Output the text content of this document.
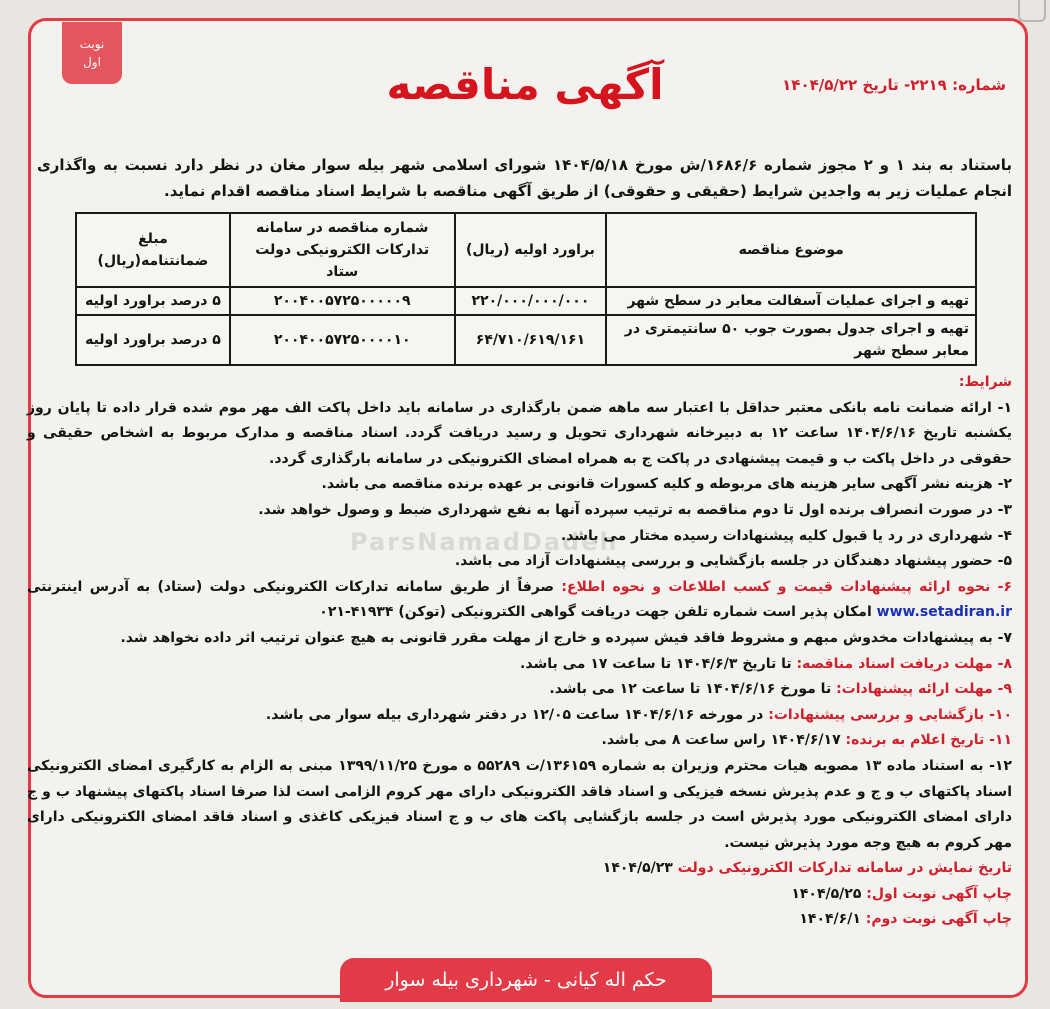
نوبت
اول
شماره: ۲۲۱۹- تاریخ ۱۴۰۴/۵/۲۲
آگهی مناقصه
باستناد به بند ۱ و ۲ مجوز شماره ۱۶۸۶/۶/ش مورخ ۱۴۰۴/۵/۱۸ شورای اسلامی شهر بیله سوار مغان در نظر دارد نسبت به واگذاری انجام عملیات زیر به واجدین شرایط (حقیقی و حقوقی) از طریق آگهی مناقصه با شرایط اسناد مناقصه اقدام نماید.
موضوع مناقصه	براورد اولیه (ریال)	شماره مناقصه در سامانه تدارکات الکترونیکی دولت ستاد	مبلغ ضمانتنامه(ریال)
تهیه و اجرای عملیات آسفالت معابر در سطح شهر	۲۲۰/۰۰۰/۰۰۰/۰۰۰	۲۰۰۴۰۰۵۷۲۵۰۰۰۰۰۹	۵ درصد براورد اولیه
تهیه و اجرای جدول بصورت جوب ۵۰ سانتیمتری در معابر سطح شهر	۶۴/۷۱۰/۶۱۹/۱۶۱	۲۰۰۴۰۰۵۷۲۵۰۰۰۰۱۰	۵ درصد براورد اولیه
ParsNamadDadeh

شرایط:

۱- ارائه ضمانت نامه بانکی معتبر حداقل با اعتبار سه ماهه ضمن بارگذاری در سامانه باید داخل پاکت الف مهر موم شده قرار داده تا پایان روز یکشنبه تاریخ ۱۴۰۴/۶/۱۶ ساعت ۱۲ به دبیرخانه شهرداری تحویل و رسید دریافت گردد. اسناد مناقصه و مدارک مربوط به اشخاص حقیقی و حقوقی در داخل پاکت ب و قیمت پیشنهادی در پاکت ج به همراه امضای الکترونیکی در سامانه بارگذاری گردد.

۲- هزینه نشر آگهی سایر هزینه های مربوطه و کلیه کسورات قانونی بر عهده برنده مناقصه می باشد.

۳- در صورت انصراف برنده اول تا دوم مناقصه به ترتیب سپرده آنها به نفع شهرداری ضبط و وصول خواهد شد.

۴- شهرداری در رد یا قبول کلیه پیشنهادات رسیده مختار می باشد.

۵- حضور پیشنهاد دهندگان در جلسه بازگشایی و بررسی پیشنهادات آزاد می باشد.

۶- نحوه ارائه پیشنهادات قیمت و کسب اطلاعات و نحوه اطلاع: صرفاً از طریق سامانه تدارکات الکترونیکی دولت (ستاد) به آدرس اینترنتی www.setadiran.ir امکان پذیر است شماره تلفن جهت دریافت گواهی الکترونیکی (توکن) ۴۱۹۳۴-۰۲۱

۷- به پیشنهادات مخدوش مبهم و مشروط فاقد فیش سپرده و خارج از مهلت مقرر قانونی به هیچ عنوان ترتیب اثر داده نخواهد شد.

۸- مهلت دریافت اسناد مناقصه: تا تاریخ ۱۴۰۴/۶/۳ تا ساعت ۱۷ می باشد.

۹- مهلت ارائه پیشنهادات: تا مورخ ۱۴۰۴/۶/۱۶ تا ساعت ۱۲ می باشد.

۱۰- بازگشایی و بررسی پیشنهادات: در مورخه ۱۴۰۴/۶/۱۶ ساعت ۱۲/۰۵ در دفتر شهرداری بیله سوار می باشد.

۱۱- تاریخ اعلام به برنده: ۱۴۰۴/۶/۱۷ راس ساعت ۸ می باشد.

۱۲- به استناد ماده ۱۳ مصوبه هیات محترم وزیران به شماره ۱۳۶۱۵۹/ت ۵۵۲۸۹ ه مورخ ۱۳۹۹/۱۱/۲۵ مبنی به الزام به کارگیری امضای الکترونیکی اسناد پاکتهای ب و ج و عدم پذیرش نسخه فیزیکی و اسناد فاقد الکترونیکی دارای مهر کروم الزامی است لذا صرفا اسناد پاکتهای پیشنهاد ب و ج دارای امضای الکترونیکی مورد پذیرش است در جلسه بازگشایی پاکت های ب و ج اسناد فیزیکی کاغذی و اسناد فاقد امضای الکترونیکی دارای مهر کروم به هیچ وجه مورد پذیرش نیست.

تاریخ نمایش در سامانه تدارکات الکترونیکی دولت ۱۴۰۴/۵/۲۳

چاپ آگهی نوبت اول: ۱۴۰۴/۵/۲۵

چاپ آگهی نوبت دوم: ۱۴۰۴/۶/۱

حکم اله کیانی - شهرداری بیله سوار
